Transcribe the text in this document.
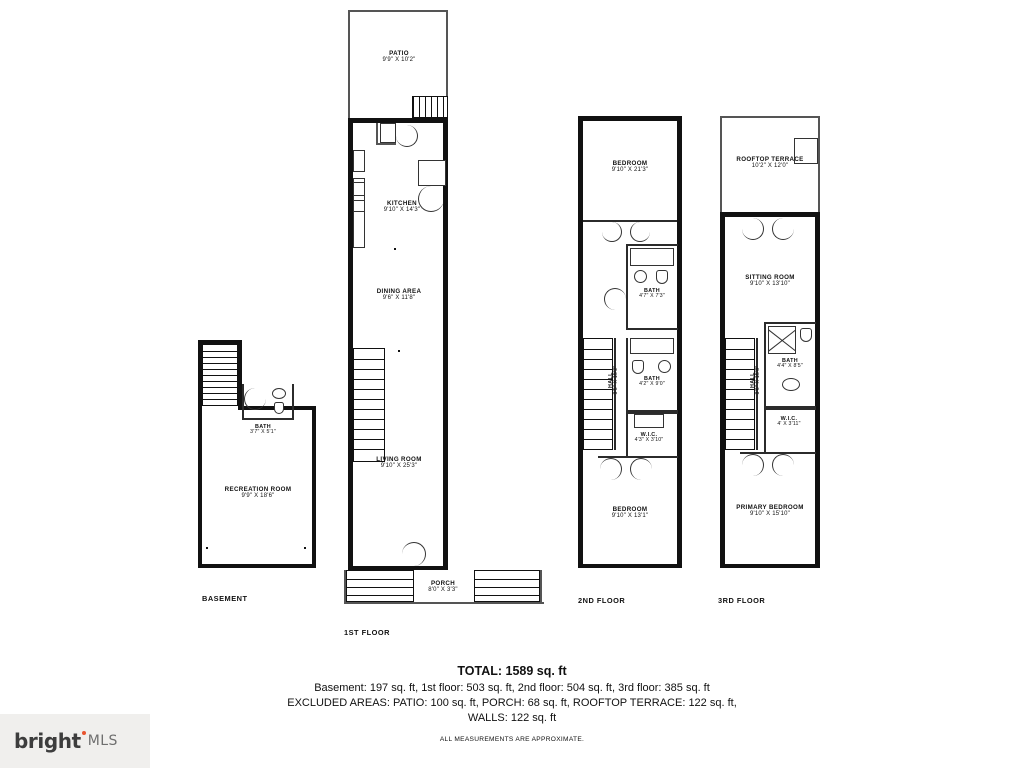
BATH
3'7" X 5'1"
RECREATION ROOM
9'9" X 18'6"
BASEMENT
PATIO
9'9" X 10'2"
KITCHEN
9'10" X 14'3"
DINING AREA
9'6" X 11'8"
LIVING ROOM
9'10" X 25'3"
PORCH
8'0" X 3'3"
1ST FLOOR
BEDROOM
9'10" X 21'3"
BATH
4'7" X 7'3"
HALL 3'5" X 15'2"	BATH
4'2" X 9'0"
W.I.C.
4'3" X 3'10"
BEDROOM
9'10" X 13'1"
2ND FLOOR
ROOFTOP TERRACE
10'2" X 12'0"
SITTING ROOM
9'10" X 13'10"
BATH
4'4" X 8'5"
HALL 3'6" X 15'8"
W.I.C.
4' X 3'11"
PRIMARY BEDROOM
9'10" X 15'10"
3RD FLOOR
TOTAL: 1589 sq. ft
Basement: 197 sq. ft, 1st floor: 503 sq. ft, 2nd floor: 504 sq. ft, 3rd floor: 385 sq. ft
EXCLUDED AREAS: PATIO: 100 sq. ft, PORCH: 68 sq. ft, ROOFTOP TERRACE: 122 sq. ft,
WALLS: 122 sq. ft
ALL MEASUREMENTS ARE APPROXIMATE.
bright MLS
